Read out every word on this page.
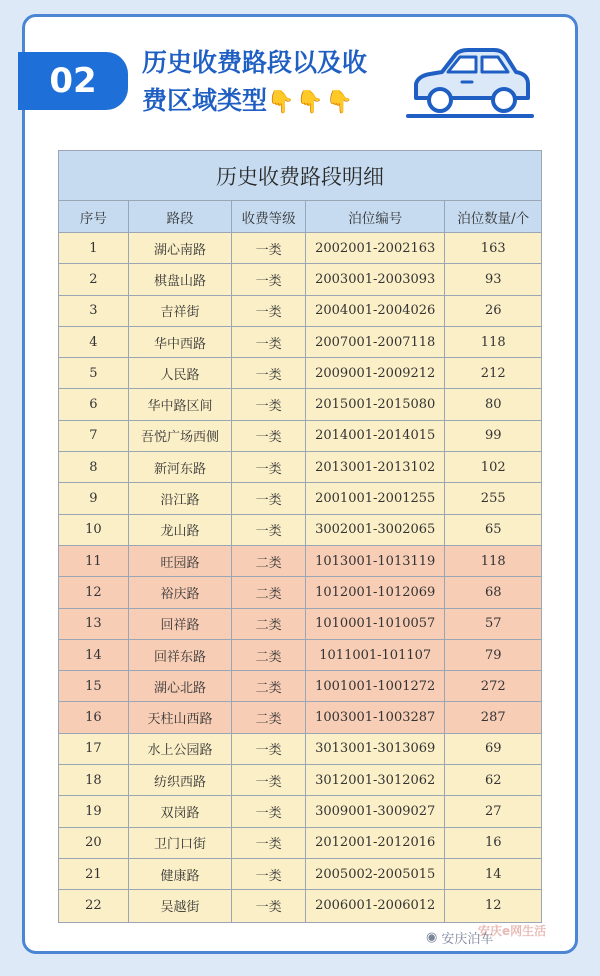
02	历史收费路段以及收
费区域类型👇👇👇
历史收费路段明细
序号	路段	收费等级	泊位编号	泊位数量/个
1	湖心南路	一类	2002001-2002163	163
2	棋盘山路	一类	2003001-2003093	93
3	吉祥街	一类	2004001-2004026	26
4	华中西路	一类	2007001-2007118	118
5	人民路	一类	2009001-2009212	212
6	华中路区间	一类	2015001-2015080	80
7	吾悦广场西侧	一类	2014001-2014015	99
8	新河东路	一类	2013001-2013102	102
9	沿江路	一类	2001001-2001255	255
10	龙山路	一类	3002001-3002065	65
11	旺园路	二类	1013001-1013119	118
12	裕庆路	二类	1012001-1012069	68
13	回祥路	二类	1010001-1010057	57
14	回祥东路	二类	1011001-101107	79
15	湖心北路	二类	1001001-1001272	272
16	天柱山西路	二类	1003001-1003287	287
17	水上公园路	一类	3013001-3013069	69
18	纺织西路	一类	3012001-3012062	62
19	双岗路	一类	3009001-3009027	27
20	卫门口街	一类	2012001-2012016	16
21	健康路	一类	2005002-2005015	14
22	吴越街	一类	2006001-2006012	12
安庆e网生活
◉ 安庆泊车
